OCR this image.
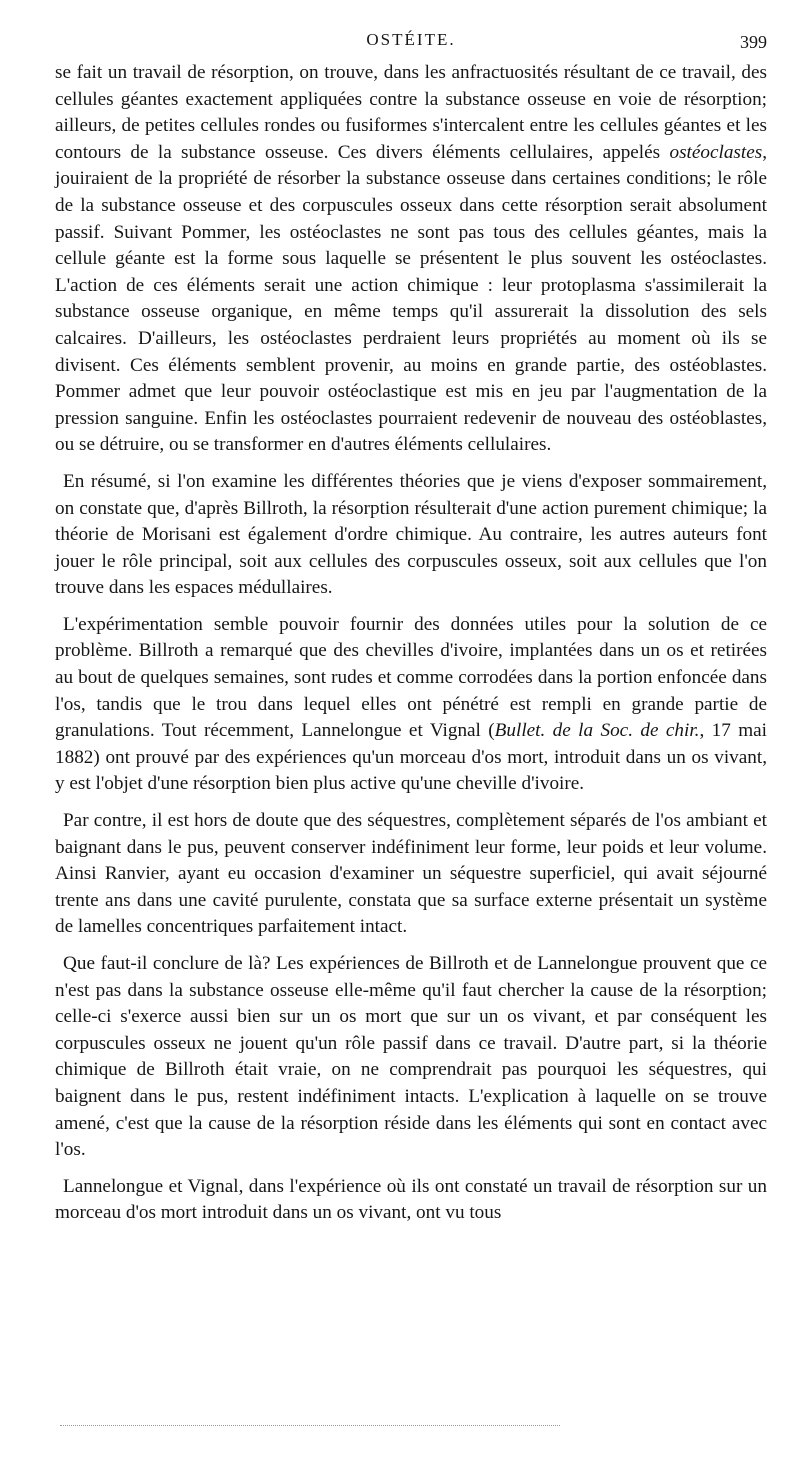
OSTÉITE.	399

se fait un travail de résorption, on trouve, dans les anfractuosités résultant de ce travail, des cellules géantes exactement appliquées contre la substance osseuse en voie de résorption; ailleurs, de petites cellules rondes ou fusiformes s'intercalent entre les cellules géantes et les contours de la substance osseuse. Ces divers éléments cellulaires, appelés ostéoclastes, jouiraient de la propriété de résorber la substance osseuse dans certaines conditions; le rôle de la substance osseuse et des corpuscules osseux dans cette résorption serait absolument passif. Suivant Pommer, les ostéoclastes ne sont pas tous des cellules géantes, mais la cellule géante est la forme sous laquelle se présentent le plus souvent les ostéoclastes. L'action de ces éléments serait une action chimique : leur protoplasma s'assimilerait la substance osseuse organique, en même temps qu'il assurerait la dissolution des sels calcaires. D'ailleurs, les ostéoclastes perdraient leurs propriétés au moment où ils se divisent. Ces éléments semblent provenir, au moins en grande partie, des ostéoblastes. Pommer admet que leur pouvoir ostéoclastique est mis en jeu par l'augmentation de la pression sanguine. Enfin les ostéoclastes pourraient redevenir de nouveau des ostéoblastes, ou se détruire, ou se transformer en d'autres éléments cellulaires.

En résumé, si l'on examine les différentes théories que je viens d'exposer sommairement, on constate que, d'après Billroth, la résorption résulterait d'une action purement chimique; la théorie de Morisani est également d'ordre chimique. Au contraire, les autres auteurs font jouer le rôle principal, soit aux cellules des corpuscules osseux, soit aux cellules que l'on trouve dans les espaces médullaires.

L'expérimentation semble pouvoir fournir des données utiles pour la solution de ce problème. Billroth a remarqué que des chevilles d'ivoire, implantées dans un os et retirées au bout de quelques semaines, sont rudes et comme corrodées dans la portion enfoncée dans l'os, tandis que le trou dans lequel elles ont pénétré est rempli en grande partie de granulations. Tout récemment, Lannelongue et Vignal (Bullet. de la Soc. de chir., 17 mai 1882) ont prouvé par des expériences qu'un morceau d'os mort, introduit dans un os vivant, y est l'objet d'une résorption bien plus active qu'une cheville d'ivoire.

Par contre, il est hors de doute que des séquestres, complètement séparés de l'os ambiant et baignant dans le pus, peuvent conserver indéfiniment leur forme, leur poids et leur volume. Ainsi Ranvier, ayant eu occasion d'examiner un séquestre superficiel, qui avait séjourné trente ans dans une cavité purulente, constata que sa surface externe présentait un système de lamelles concentriques parfaitement intact.

Que faut-il conclure de là? Les expériences de Billroth et de Lannelongue prouvent que ce n'est pas dans la substance osseuse elle-même qu'il faut chercher la cause de la résorption; celle-ci s'exerce aussi bien sur un os mort que sur un os vivant, et par conséquent les corpuscules osseux ne jouent qu'un rôle passif dans ce travail. D'autre part, si la théorie chimique de Billroth était vraie, on ne comprendrait pas pourquoi les séquestres, qui baignent dans le pus, restent indéfiniment intacts. L'explication à laquelle on se trouve amené, c'est que la cause de la résorption réside dans les éléments qui sont en contact avec l'os.

Lannelongue et Vignal, dans l'expérience où ils ont constaté un travail de résorption sur un morceau d'os mort introduit dans un os vivant, ont vu tous
